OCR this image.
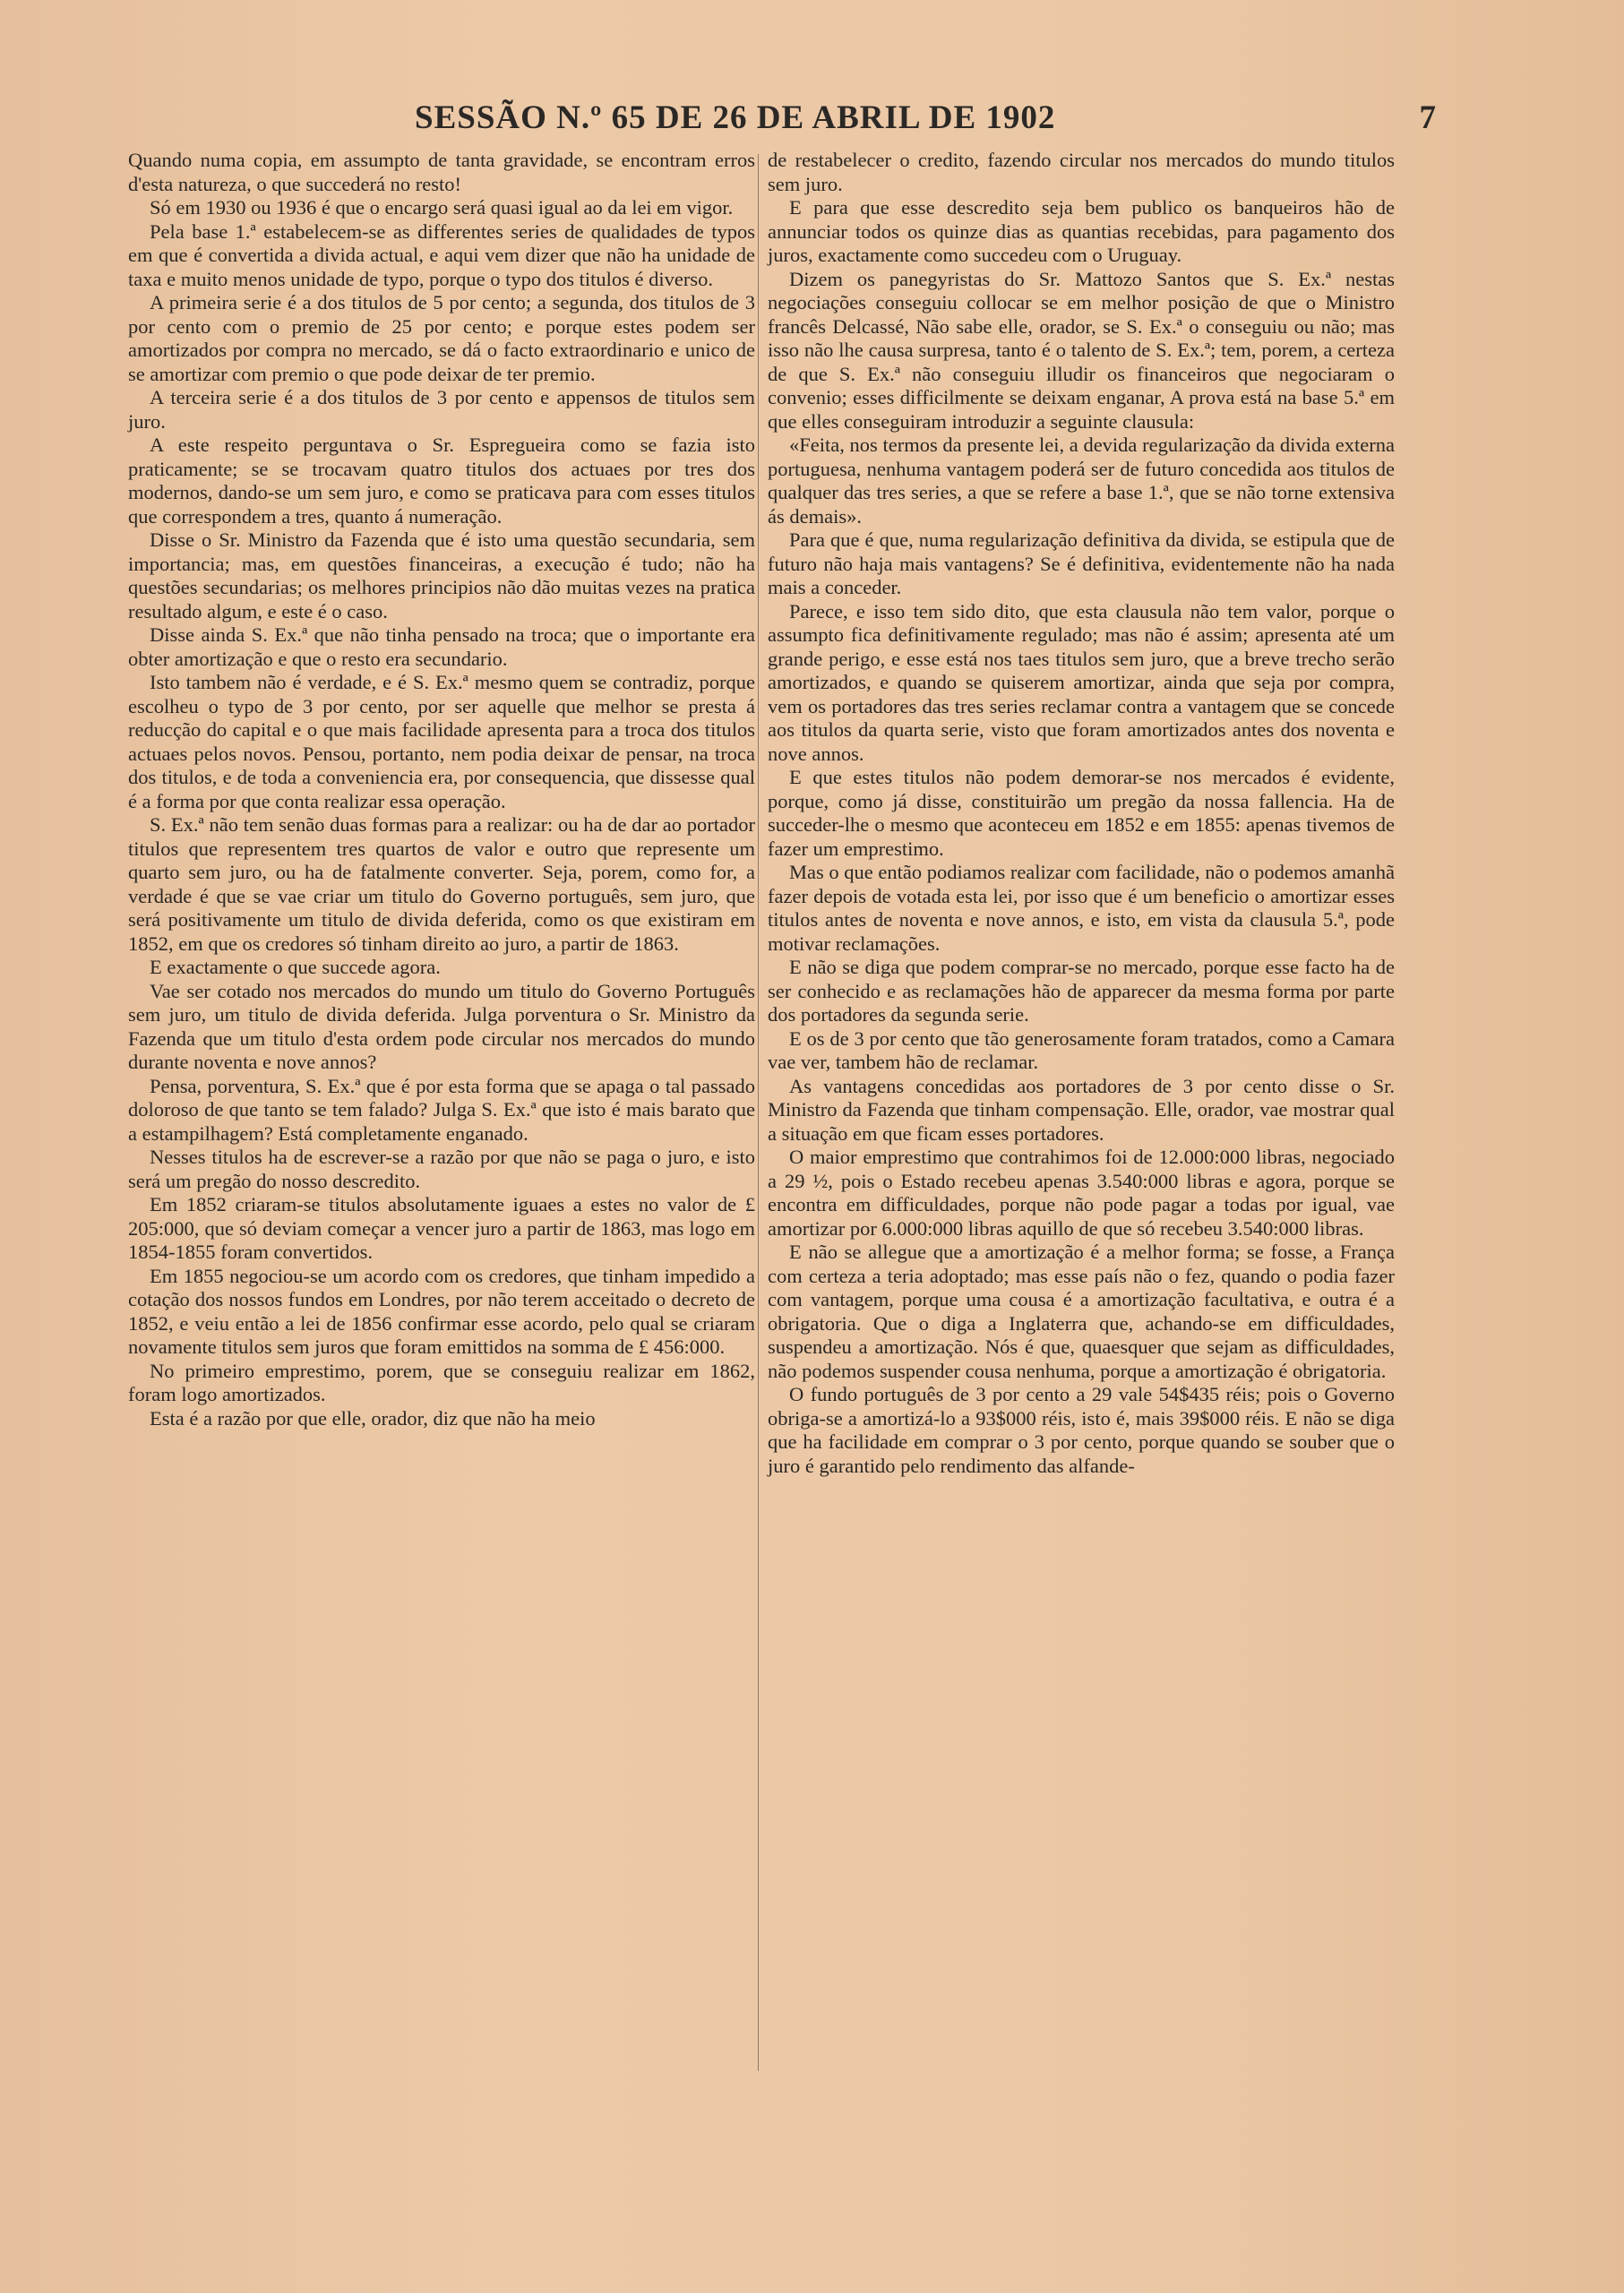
SESSÃO N.º 65 DE 26 DE ABRIL DE 1902	7

Quando numa copia, em assumpto de tanta gravidade, se encontram erros d'esta natureza, o que succederá no resto!

Só em 1930 ou 1936 é que o encargo será quasi igual ao da lei em vigor.

Pela base 1.ª estabelecem-se as differentes series de qualidades de typos em que é convertida a divida actual, e aqui vem dizer que não ha unidade de taxa e muito menos unidade de typo, porque o typo dos titulos é diverso.

A primeira serie é a dos titulos de 5 por cento; a segunda, dos titulos de 3 por cento com o premio de 25 por cento; e porque estes podem ser amortizados por compra no mercado, se dá o facto extraordinario e unico de se amortizar com premio o que pode deixar de ter premio.

A terceira serie é a dos titulos de 3 por cento e appensos de titulos sem juro.

A este respeito perguntava o Sr. Espregueira como se fazia isto praticamente; se se trocavam quatro titulos dos actuaes por tres dos modernos, dando-se um sem juro, e como se praticava para com esses titulos que correspondem a tres, quanto á numeração.

Disse o Sr. Ministro da Fazenda que é isto uma questão secundaria, sem importancia; mas, em questões financeiras, a execução é tudo; não ha questões secundarias; os melhores principios não dão muitas vezes na pratica resultado algum, e este é o caso.

Disse ainda S. Ex.ª que não tinha pensado na troca; que o importante era obter amortização e que o resto era secundario.

Isto tambem não é verdade, e é S. Ex.ª mesmo quem se contradiz, porque escolheu o typo de 3 por cento, por ser aquelle que melhor se presta á reducção do capital e o que mais facilidade apresenta para a troca dos titulos actuaes pelos novos. Pensou, portanto, nem podia deixar de pensar, na troca dos titulos, e de toda a conveniencia era, por consequencia, que dissesse qual é a forma por que conta realizar essa operação.

S. Ex.ª não tem senão duas formas para a realizar: ou ha de dar ao portador titulos que representem tres quartos de valor e outro que represente um quarto sem juro, ou ha de fatalmente converter. Seja, porem, como for, a verdade é que se vae criar um titulo do Governo português, sem juro, que será positivamente um titulo de divida deferida, como os que existiram em 1852, em que os credores só tinham direito ao juro, a partir de 1863.

E exactamente o que succede agora.

Vae ser cotado nos mercados do mundo um titulo do Governo Português sem juro, um titulo de divida deferida. Julga porventura o Sr. Ministro da Fazenda que um titulo d'esta ordem pode circular nos mercados do mundo durante noventa e nove annos?

Pensa, porventura, S. Ex.ª que é por esta forma que se apaga o tal passado doloroso de que tanto se tem falado? Julga S. Ex.ª que isto é mais barato que a estampilhagem? Está completamente enganado.

Nesses titulos ha de escrever-se a razão por que não se paga o juro, e isto será um pregão do nosso descredito.

Em 1852 criaram-se titulos absolutamente iguaes a estes no valor de £ 205:000, que só deviam começar a vencer juro a partir de 1863, mas logo em 1854-1855 foram convertidos.

Em 1855 negociou-se um acordo com os credores, que tinham impedido a cotação dos nossos fundos em Londres, por não terem acceitado o decreto de 1852, e veiu então a lei de 1856 confirmar esse acordo, pelo qual se criaram novamente titulos sem juros que foram emittidos na somma de £ 456:000.

No primeiro emprestimo, porem, que se conseguiu realizar em 1862, foram logo amortizados.

Esta é a razão por que elle, orador, diz que não ha meio

de restabelecer o credito, fazendo circular nos mercados do mundo titulos sem juro.

E para que esse descredito seja bem publico os banqueiros hão de annunciar todos os quinze dias as quantias recebidas, para pagamento dos juros, exactamente como succedeu com o Uruguay.

Dizem os panegyristas do Sr. Mattozo Santos que S. Ex.ª nestas negociações conseguiu collocar se em melhor posição de que o Ministro francês Delcassé, Não sabe elle, orador, se S. Ex.ª o conseguiu ou não; mas isso não lhe causa surpresa, tanto é o talento de S. Ex.ª; tem, porem, a certeza de que S. Ex.ª não conseguiu illudir os financeiros que negociaram o convenio; esses difficilmente se deixam enganar, A prova está na base 5.ª em que elles conseguiram introduzir a seguinte clausula:

«Feita, nos termos da presente lei, a devida regularização da divida externa portuguesa, nenhuma vantagem poderá ser de futuro concedida aos titulos de qualquer das tres series, a que se refere a base 1.ª, que se não torne extensiva ás demais».

Para que é que, numa regularização definitiva da divida, se estipula que de futuro não haja mais vantagens? Se é definitiva, evidentemente não ha nada mais a conceder.

Parece, e isso tem sido dito, que esta clausula não tem valor, porque o assumpto fica definitivamente regulado; mas não é assim; apresenta até um grande perigo, e esse está nos taes titulos sem juro, que a breve trecho serão amortizados, e quando se quiserem amortizar, ainda que seja por compra, vem os portadores das tres series reclamar contra a vantagem que se concede aos titulos da quarta serie, visto que foram amortizados antes dos noventa e nove annos.

E que estes titulos não podem demorar-se nos mercados é evidente, porque, como já disse, constituirão um pregão da nossa fallencia. Ha de succeder-lhe o mesmo que aconteceu em 1852 e em 1855: apenas tivemos de fazer um emprestimo.

Mas o que então podiamos realizar com facilidade, não o podemos amanhã fazer depois de votada esta lei, por isso que é um beneficio o amortizar esses titulos antes de noventa e nove annos, e isto, em vista da clausula 5.ª, pode motivar reclamações.

E não se diga que podem comprar-se no mercado, porque esse facto ha de ser conhecido e as reclamações hão de apparecer da mesma forma por parte dos portadores da segunda serie.

E os de 3 por cento que tão generosamente foram tratados, como a Camara vae ver, tambem hão de reclamar.

As vantagens concedidas aos portadores de 3 por cento disse o Sr. Ministro da Fazenda que tinham compensação. Elle, orador, vae mostrar qual a situação em que ficam esses portadores.

O maior emprestimo que contrahimos foi de 12.000:000 libras, negociado a 29 ½, pois o Estado recebeu apenas 3.540:000 libras e agora, porque se encontra em difficuldades, porque não pode pagar a todas por igual, vae amortizar por 6.000:000 libras aquillo de que só recebeu 3.540:000 libras.

E não se allegue que a amortização é a melhor forma; se fosse, a França com certeza a teria adoptado; mas esse país não o fez, quando o podia fazer com vantagem, porque uma cousa é a amortização facultativa, e outra é a obrigatoria. Que o diga a Inglaterra que, achando-se em difficuldades, suspendeu a amortização. Nós é que, quaesquer que sejam as difficuldades, não podemos suspender cousa nenhuma, porque a amortização é obrigatoria.

O fundo português de 3 por cento a 29 vale 54$435 réis; pois o Governo obriga-se a amortizá-lo a 93$000 réis, isto é, mais 39$000 réis. E não se diga que ha facilidade em comprar o 3 por cento, porque quando se souber que o juro é garantido pelo rendimento das alfande-
